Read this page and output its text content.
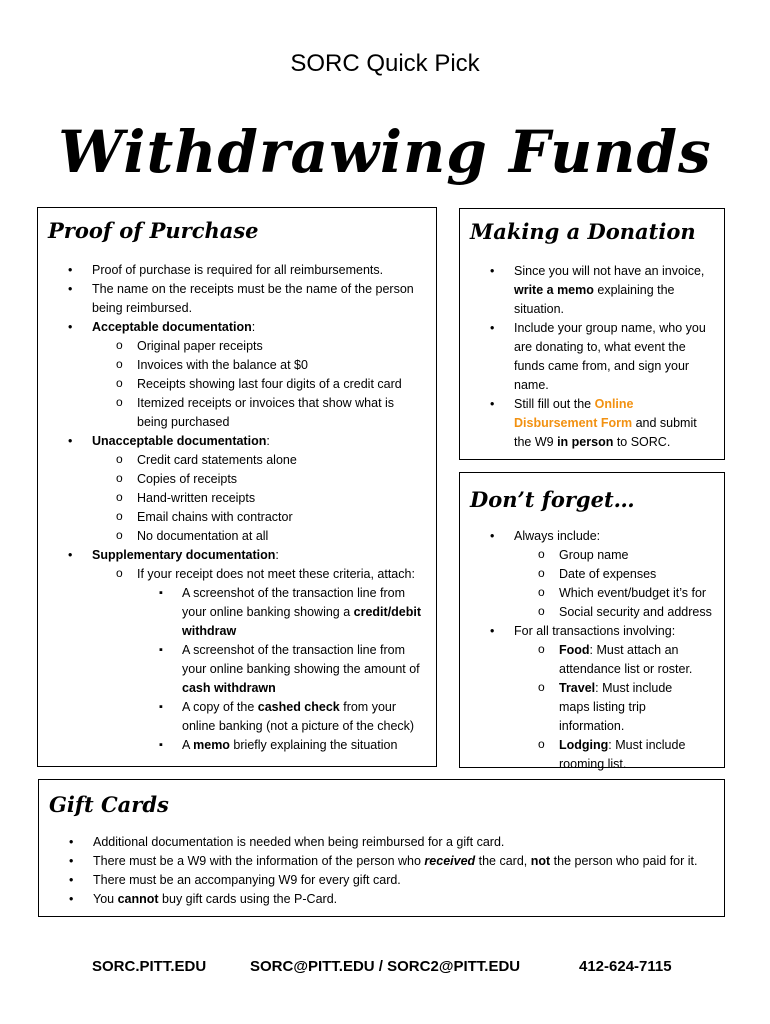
SORC Quick Pick
Withdrawing Funds
Proof of Purchase
• Proof of purchase is required for all reimbursements.
• The name on the receipts must be the name of the person being reimbursed.
• Acceptable documentation:
o Original paper receipts
o Invoices with the balance at $0
o Receipts showing last four digits of a credit card
o Itemized receipts or invoices that show what is being purchased
• Unacceptable documentation:
o Credit card statements alone
o Copies of receipts
o Hand-written receipts
o Email chains with contractor
o No documentation at all
• Supplementary documentation:
o If your receipt does not meet these criteria, attach:
▪ A screenshot of the transaction line from your online banking showing a credit/debit withdraw
▪ A screenshot of the transaction line from your online banking showing the amount of cash withdrawn
▪ A copy of the cashed check from your online banking (not a picture of the check)
▪ A memo briefly explaining the situation
Making a Donation
• Since you will not have an invoice, write a memo explaining the situation.
• Include your group name, who you are donating to, what event the funds came from, and sign your name.
• Still fill out the Online Disbursement Form and submit the W9 in person to SORC.
Don’t forget…
• Always include:
o Group name
o Date of expenses
o Which event/budget it’s for
o Social security and address
• For all transactions involving:
o Food: Must attach an attendance list or roster.
o Travel: Must include maps listing trip information.
o Lodging: Must include rooming list.
Gift Cards
• Additional documentation is needed when being reimbursed for a gift card.
• There must be a W9 with the information of the person who received the card, not the person who paid for it.
• There must be an accompanying W9 for every gift card.
• You cannot buy gift cards using the P-Card.
SORC.PITT.EDU	SORC@PITT.EDU / SORC2@PITT.EDU	412-624-7115
